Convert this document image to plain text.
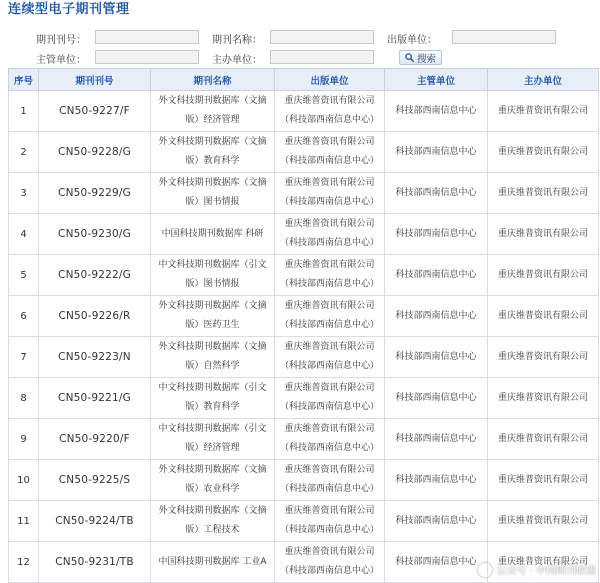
连续型电子期刊管理
期刊刊号：	期刊名称：	出版单位：
主管单位：	主办单位：	搜索
序号	期刊刊号	期刊名称	出版单位	主管单位	主办单位
1	CN50-9227/F	外文科技期刊数据库（文摘
版）经济管理	重庆维普资讯有限公司
（科技部西南信息中心）	科技部西南信息中心	重庆维普资讯有限公司
2	CN50-9228/G	外文科技期刊数据库（文摘
版）教育科学	重庆维普资讯有限公司
（科技部西南信息中心）	科技部西南信息中心	重庆维普资讯有限公司
3	CN50-9229/G	外文科技期刊数据库（文摘
版）图书情报	重庆维普资讯有限公司
（科技部西南信息中心）	科技部西南信息中心	重庆维普资讯有限公司
4	CN50-9230/G	中国科技期刊数据库 科研	重庆维普资讯有限公司
（科技部西南信息中心）	科技部西南信息中心	重庆维普资讯有限公司
5	CN50-9222/G	中文科技期刊数据库（引文
版）图书情报	重庆维普资讯有限公司
（科技部西南信息中心）	科技部西南信息中心	重庆维普资讯有限公司
6	CN50-9226/R	外文科技期刊数据库（文摘
版）医药卫生	重庆维普资讯有限公司
（科技部西南信息中心）	科技部西南信息中心	重庆维普资讯有限公司
7	CN50-9223/N	外文科技期刊数据库（文摘
版）自然科学	重庆维普资讯有限公司
（科技部西南信息中心）	科技部西南信息中心	重庆维普资讯有限公司
8	CN50-9221/G	中文科技期刊数据库（引文
版）教育科学	重庆维普资讯有限公司
（科技部西南信息中心）	科技部西南信息中心	重庆维普资讯有限公司
9	CN50-9220/F	中文科技期刊数据库（引文
版）经济管理	重庆维普资讯有限公司
（科技部西南信息中心）	科技部西南信息中心	重庆维普资讯有限公司
10	CN50-9225/S	外文科技期刊数据库（文摘
版）农业科学	重庆维普资讯有限公司
（科技部西南信息中心）	科技部西南信息中心	重庆维普资讯有限公司
11	CN50-9224/TB	外文科技期刊数据库（文摘
版）工程技术	重庆维普资讯有限公司
（科技部西南信息中心）	科技部西南信息中心	重庆维普资讯有限公司
12	CN50-9231/TB	中国科技期刊数据库 工业A	重庆维普资讯有限公司
（科技部西南信息中心）	科技部西南信息中心	重庆维普资讯有限公司
公众号 · 中国期刊联盟
